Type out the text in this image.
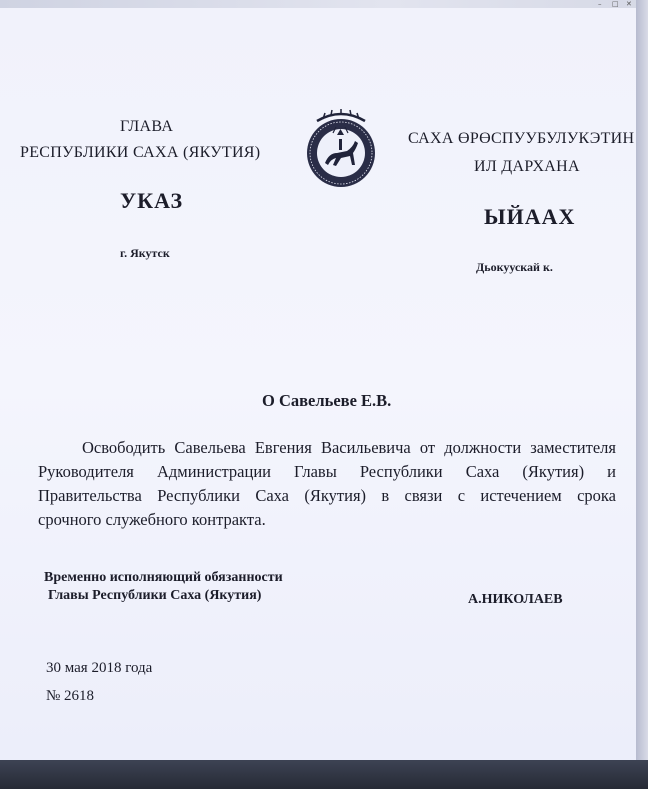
– □ ✕
ГЛАВА
РЕСПУБЛИКИ САХА (ЯКУТИЯ)
САХА ӨРӨСПУУБУЛУКЭТИН
ИЛ ДАРХАНА
УКАЗ
ЫЙААХ
г. Якутск
Дьокуускай к.
О Савельеве Е.В.
Освободить Савельева Евгения Васильевича от должности заместителя
Руководителя Администрации Главы Республики Саха (Якутия) и
Правительства Республики Саха (Якутия) в связи с истечением срока
срочного служебного контракта.
Временно исполняющий обязанности
Главы Республики Саха (Якутия)	А.НИКОЛАЕВ
30 мая 2018 года
№ 2618
